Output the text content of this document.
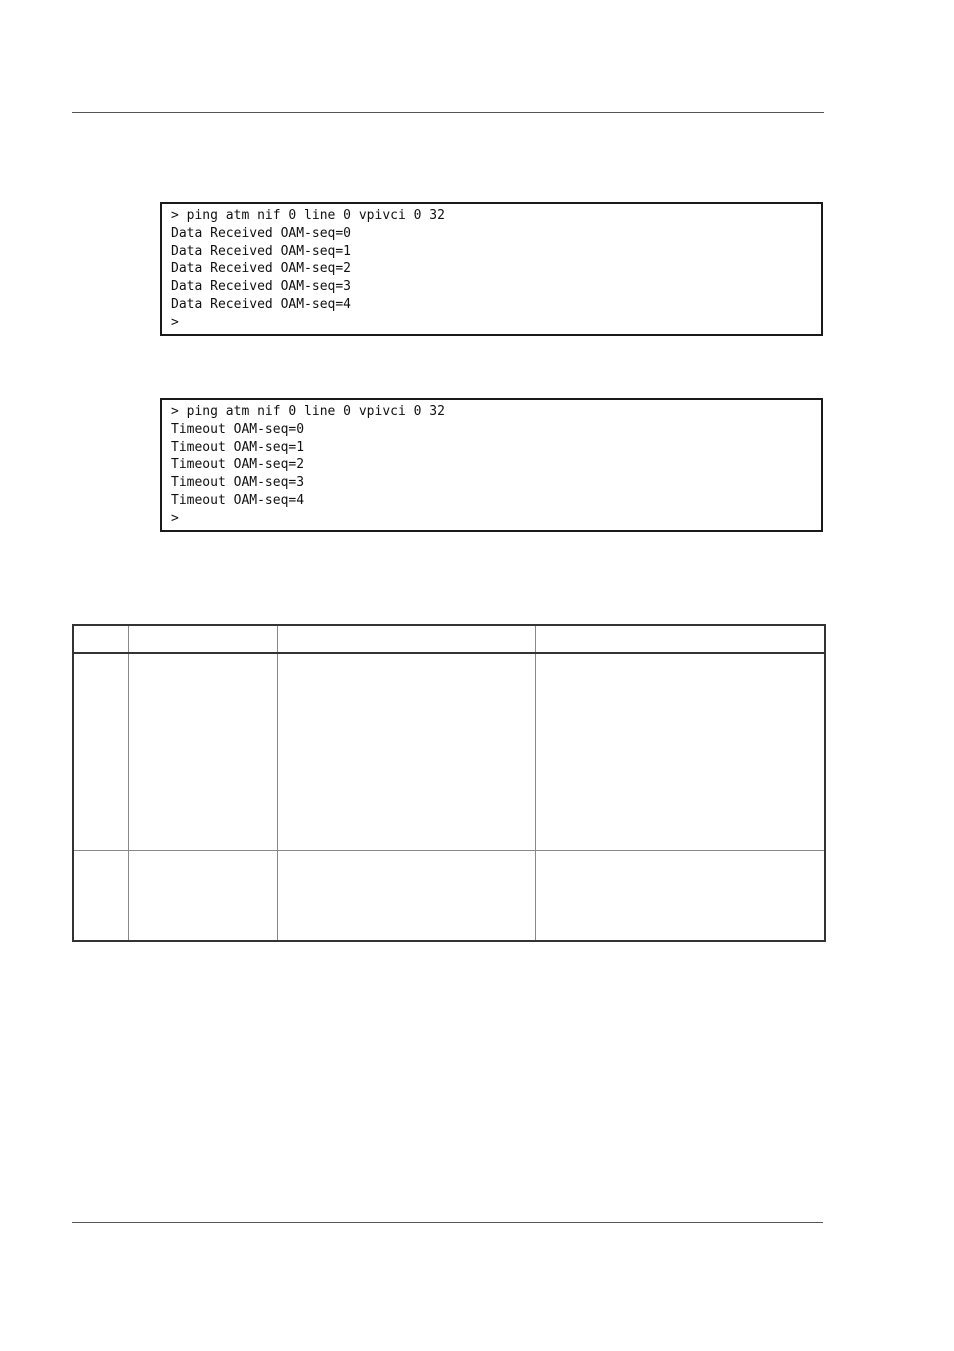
> ping atm nif 0 line 0 vpivci 0 32
Data Received OAM-seq=0
Data Received OAM-seq=1
Data Received OAM-seq=2
Data Received OAM-seq=3
Data Received OAM-seq=4
>
> ping atm nif 0 line 0 vpivci 0 32
Timeout OAM-seq=0
Timeout OAM-seq=1
Timeout OAM-seq=2
Timeout OAM-seq=3
Timeout OAM-seq=4
>
